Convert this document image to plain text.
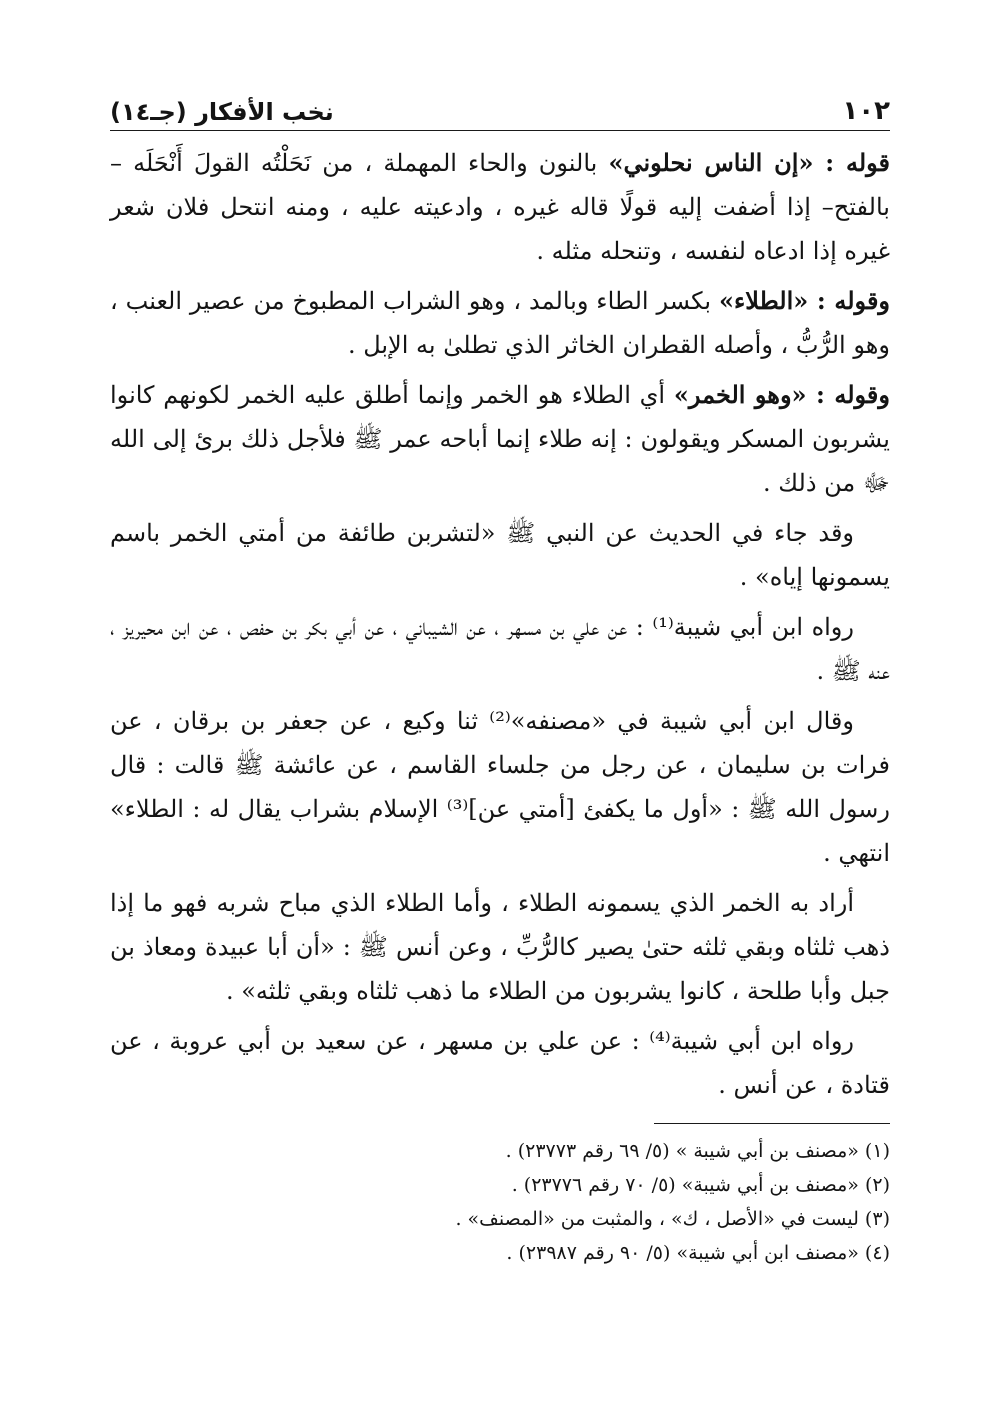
١٠٢
نخب الأفكار (جـ١٤)

قوله : «إن الناس نحلوني» بالنون والحاء المهملة ، من نَحَلْتُه القولَ أَنْحَلَه – بالفتح– إذا أضفت إليه قولًا قاله غيره ، وادعيته عليه ، ومنه انتحل فلان شعر غيره إذا ادعاه لنفسه ، وتنحله مثله .

وقوله : «الطلاء» بكسر الطاء وبالمد ، وهو الشراب المطبوخ من عصير العنب ، وهو الرُّبُّ ، وأصله القطران الخاثر الذي تطلىٰ به الإبل .

وقوله : «وهو الخمر» أي الطلاء هو الخمر وإنما أطلق عليه الخمر لكونهم كانوا يشربون المسكر ويقولون : إنه طلاء إنما أباحه عمر ﷺ فلأجل ذلك برئ إلى الله ﷻ من ذلك .

وقد جاء في الحديث عن النبي ﷺ «لتشربن طائفة من أمتي الخمر باسم يسمونها إياه» .

رواه ابن أبي شيبة⁽¹⁾ : عن علي بن مسهر ، عن الشيباني ، عن أبي بكر بن حفص ، عن ابن محيريز ، عنه ﷺ .

وقال ابن أبي شيبة في «مصنفه»⁽²⁾ ثنا وكيع ، عن جعفر بن برقان ، عن فرات بن سليمان ، عن رجل من جلساء القاسم ، عن عائشة ﷺ قالت : قال رسول الله ﷺ : «أول ما يكفئ [أمتي عن]⁽³⁾ الإسلام بشراب يقال له : الطلاء» انتهي .

أراد به الخمر الذي يسمونه الطلاء ، وأما الطلاء الذي مباح شربه فهو ما إذا ذهب ثلثاه وبقي ثلثه حتىٰ يصير كالرُّبِّ ، وعن أنس ﷺ : «أن أبا عبيدة ومعاذ بن جبل وأبا طلحة ، كانوا يشربون من الطلاء ما ذهب ثلثاه وبقي ثلثه» .

رواه ابن أبي شيبة⁽⁴⁾ : عن علي بن مسهر ، عن سعيد بن أبي عروبة ، عن قتادة ، عن أنس .

(١) «مصنف بن أبي شيبة » (٥/ ٦٩ رقم ٢٣٧٧٣) .

(٢) «مصنف بن أبي شيبة» (٥/ ٧٠ رقم ٢٣٧٧٦) .

(٣) ليست في «الأصل ، ك» ، والمثبت من «المصنف» .

(٤) «مصنف ابن أبي شيبة» (٥/ ٩٠ رقم ٢٣٩٨٧) .
